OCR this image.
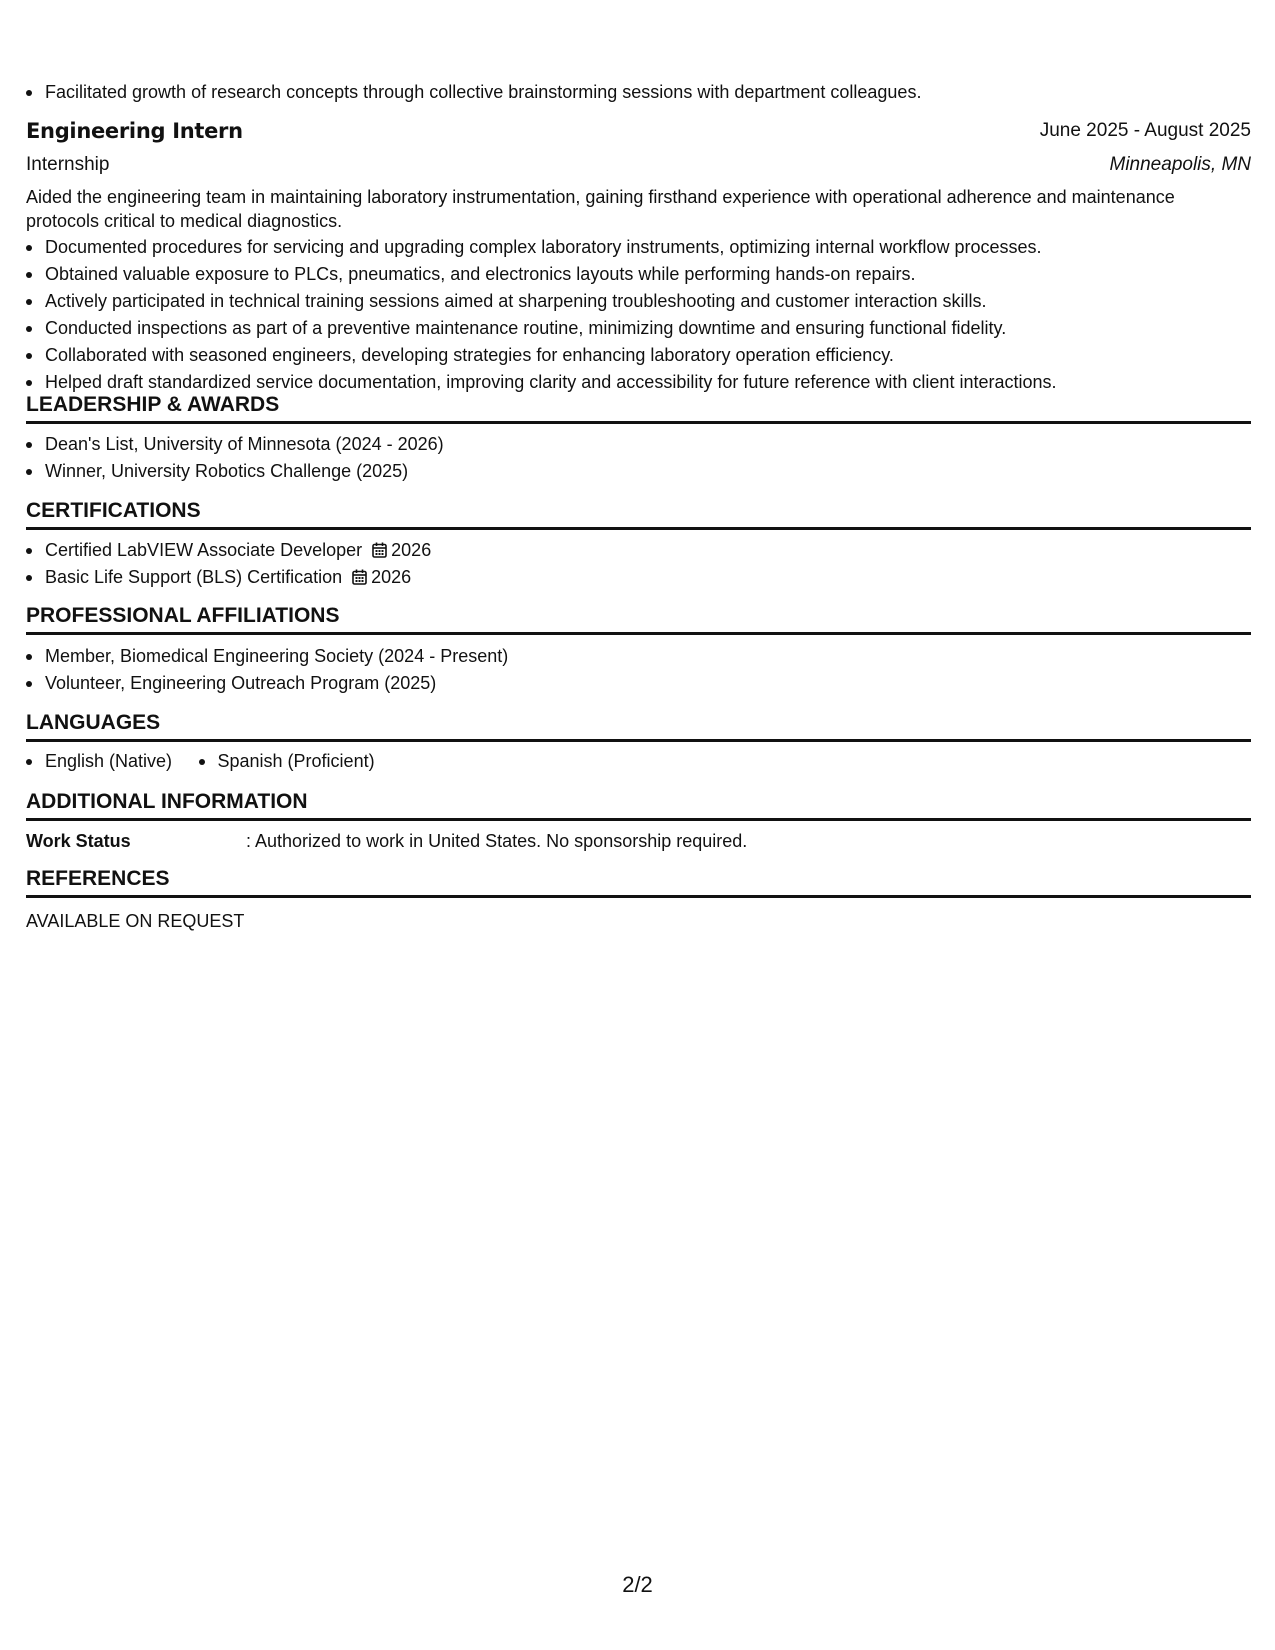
Facilitated growth of research concepts through collective brainstorming sessions with department colleagues.
Engineering Intern	June 2025 - August 2025
Internship	Minneapolis, MN

Aided the engineering team in maintaining laboratory instrumentation, gaining firsthand experience with operational adherence and maintenance protocols critical to medical diagnostics.

Documented procedures for servicing and upgrading complex laboratory instruments, optimizing internal workflow processes.
Obtained valuable exposure to PLCs, pneumatics, and electronics layouts while performing hands-on repairs.
Actively participated in technical training sessions aimed at sharpening troubleshooting and customer interaction skills.
Conducted inspections as part of a preventive maintenance routine, minimizing downtime and ensuring functional fidelity.
Collaborated with seasoned engineers, developing strategies for enhancing laboratory operation efficiency.
Helped draft standardized service documentation, improving clarity and accessibility for future reference with client interactions.
LEADERSHIP & AWARDS
Dean's List, University of Minnesota (2024 - 2026)
Winner, University Robotics Challenge (2025)
CERTIFICATIONS
Certified LabVIEW Associate Developer 2026
Basic Life Support (BLS) Certification 2026
PROFESSIONAL AFFILIATIONS
Member, Biomedical Engineering Society (2024 - Present)
Volunteer, Engineering Outreach Program (2025)
LANGUAGES
English (Native)	Spanish (Proficient)
ADDITIONAL INFORMATION
Work Status	: Authorized to work in United States. No sponsorship required.
REFERENCES
AVAILABLE ON REQUEST
2/2
